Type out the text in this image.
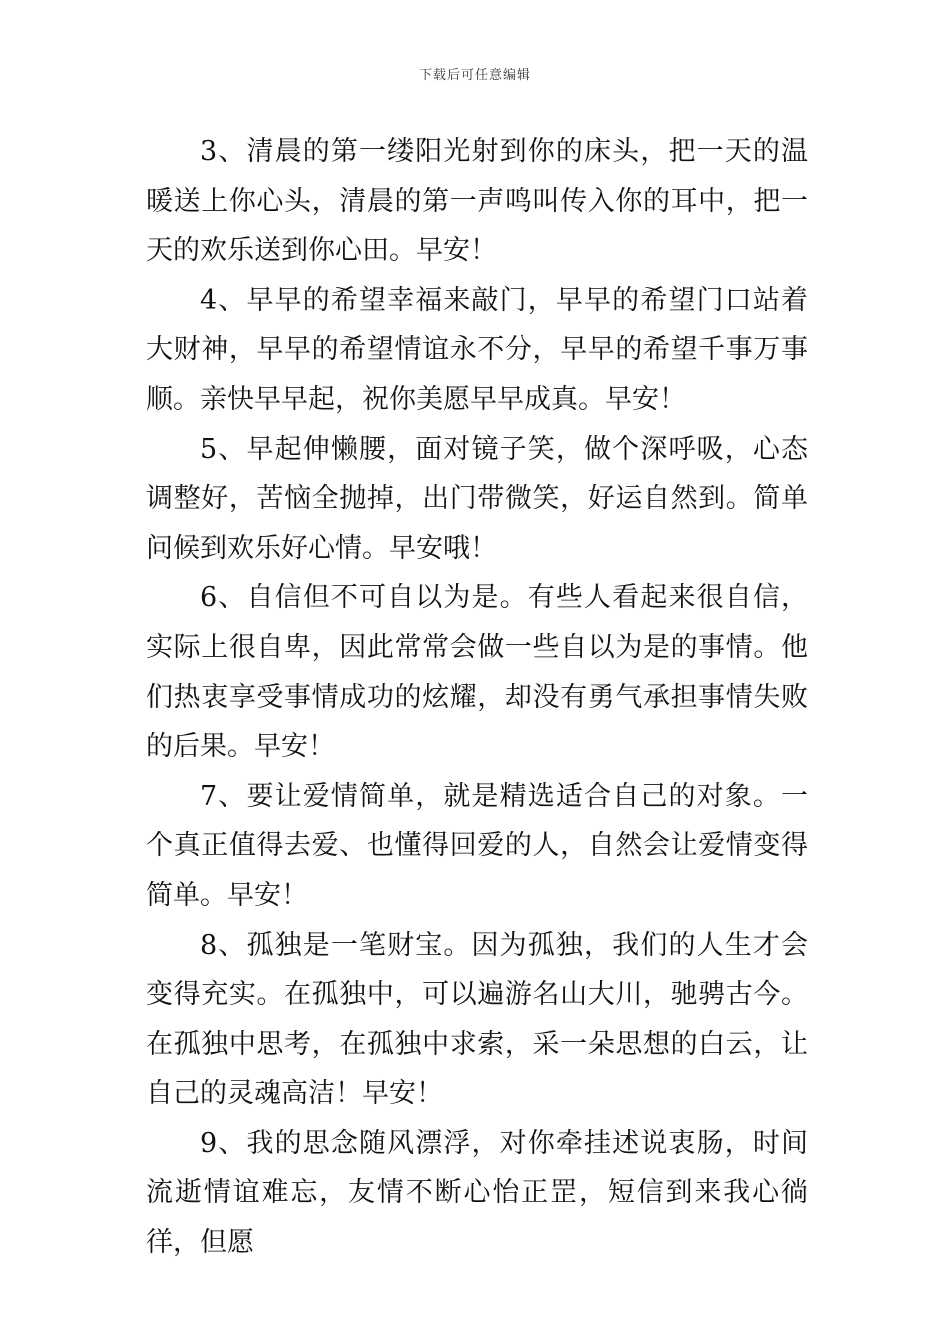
下载后可任意编辑

3、清晨的第一缕阳光射到你的床头，把一天的温暖送上你心头，清晨的第一声鸣叫传入你的耳中，把一天的欢乐送到你心田。早安！

4、早早的希望幸福来敲门，早早的希望门口站着大财神，早早的希望情谊永不分，早早的希望千事万事顺。亲快早早起，祝你美愿早早成真。早安！

5、早起伸懒腰，面对镜子笑，做个深呼吸，心态调整好，苦恼全抛掉，出门带微笑，好运自然到。简单问候到欢乐好心情。早安哦！

6、自信但不可自以为是。有些人看起来很自信，实际上很自卑，因此常常会做一些自以为是的事情。他们热衷享受事情成功的炫耀，却没有勇气承担事情失败的后果。早安！

7、要让爱情简单，就是精选适合自己的对象。一个真正值得去爱、也懂得回爱的人，自然会让爱情变得简单。早安！

8、孤独是一笔财宝。因为孤独，我们的人生才会变得充实。在孤独中，可以遍游名山大川，驰骋古今。在孤独中思考，在孤独中求索，采一朵思想的白云，让自己的灵魂高洁！早安！

9、我的思念随风漂浮，对你牵挂述说衷肠，时间流逝情谊难忘，友情不断心怡正罡，短信到来我心徜徉，但愿
